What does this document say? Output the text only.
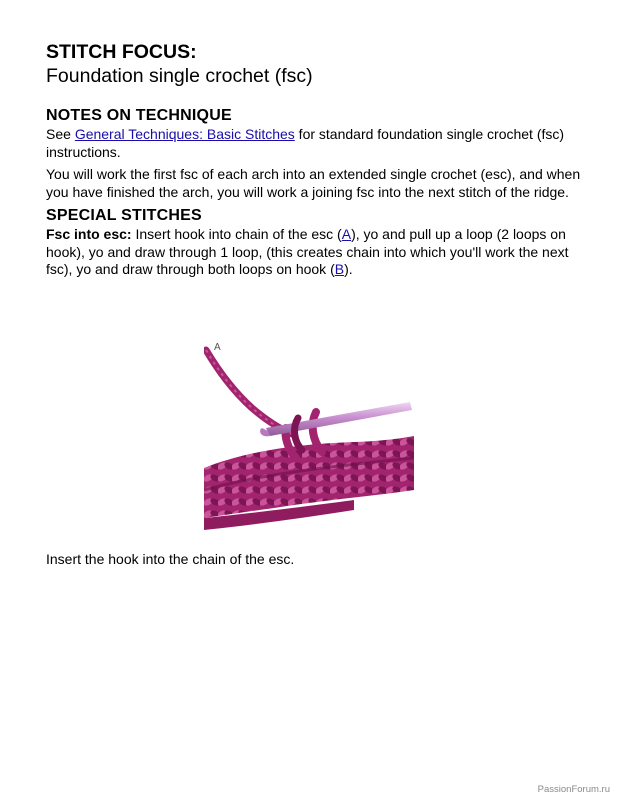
STITCH FOCUS:
Foundation single crochet (fsc)
NOTES ON TECHNIQUE

See General Techniques: Basic Stitches for standard foundation single crochet (fsc) instructions.

You will work the first fsc of each arch into an extended single crochet (esc), and when you have finished the arch, you will work a joining fsc into the next stitch of the ridge.

SPECIAL STITCHES

Fsc into esc: Insert hook into chain of the esc (A), yo and pull up a loop (2 loops on hook), yo and draw through 1 loop, (this creates chain into which you'll work the next fsc), yo and draw through both loops on hook (B).

A

Insert the hook into the chain of the esc.

PassionForum.ru
